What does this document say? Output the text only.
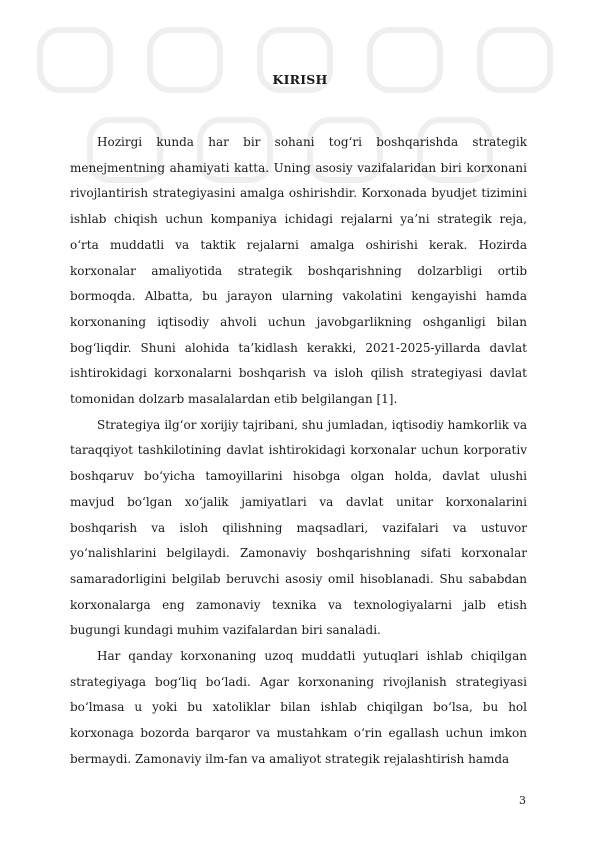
KIRISH

Hozirgi kunda har bir sohani tog‘ri boshqarishda strategik menejmentning ahamiyati katta. Uning asosiy vazifalaridan biri korxonani rivojlantirish strategiyasini amalga oshirishdir. Korxonada byudjet tizimini ishlab chiqish uchun kompaniya ichidagi rejalarni ya’ni strategik reja, o‘rta muddatli va taktik rejalarni amalga oshirishi kerak. Hozirda korxonalar amaliyotida strategik boshqarishning dolzarbligi ortib bormoqda. Albatta, bu jarayon ularning vakolatini kengayishi hamda korxonaning iqtisodiy ahvoli uchun javobgarlikning oshganligi bilan bog‘liqdir. Shuni alohida ta’kidlash kerakki, 2021-2025-yillarda davlat ishtirokidagi korxonalarni boshqarish va isloh qilish strategiyasi davlat tomonidan dolzarb masalalardan etib belgilangan [1].

Strategiya ilg‘or xorijiy tajribani, shu jumladan, iqtisodiy hamkorlik va taraqqiyot tashkilotining davlat ishtirokidagi korxonalar uchun korporativ boshqaruv bo‘yicha tamoyillarini hisobga olgan holda, davlat ulushi mavjud bo‘lgan xo‘jalik jamiyatlari va davlat unitar korxonalarini boshqarish va isloh qilishning maqsadlari, vazifalari va ustuvor yo‘nalishlarini belgilaydi. Zamonaviy boshqarishning sifati korxonalar samaradorligini belgilab beruvchi asosiy omil hisoblanadi. Shu sababdan korxonalarga eng zamonaviy texnika va texnologiyalarni jalb etish bugungi kundagi muhim vazifalardan biri sanaladi.

Har qanday korxonaning uzoq muddatli yutuqlari ishlab chiqilgan strategiyaga bog‘liq bo‘ladi. Agar korxonaning rivojlanish strategiyasi bo‘lmasa u yoki bu xatoliklar bilan ishlab chiqilgan bo‘lsa, bu hol korxonaga bozorda barqaror va mustahkam o‘rin egallash uchun imkon bermaydi. Zamonaviy ilm-fan va amaliyot strategik rejalashtirish hamda

3
